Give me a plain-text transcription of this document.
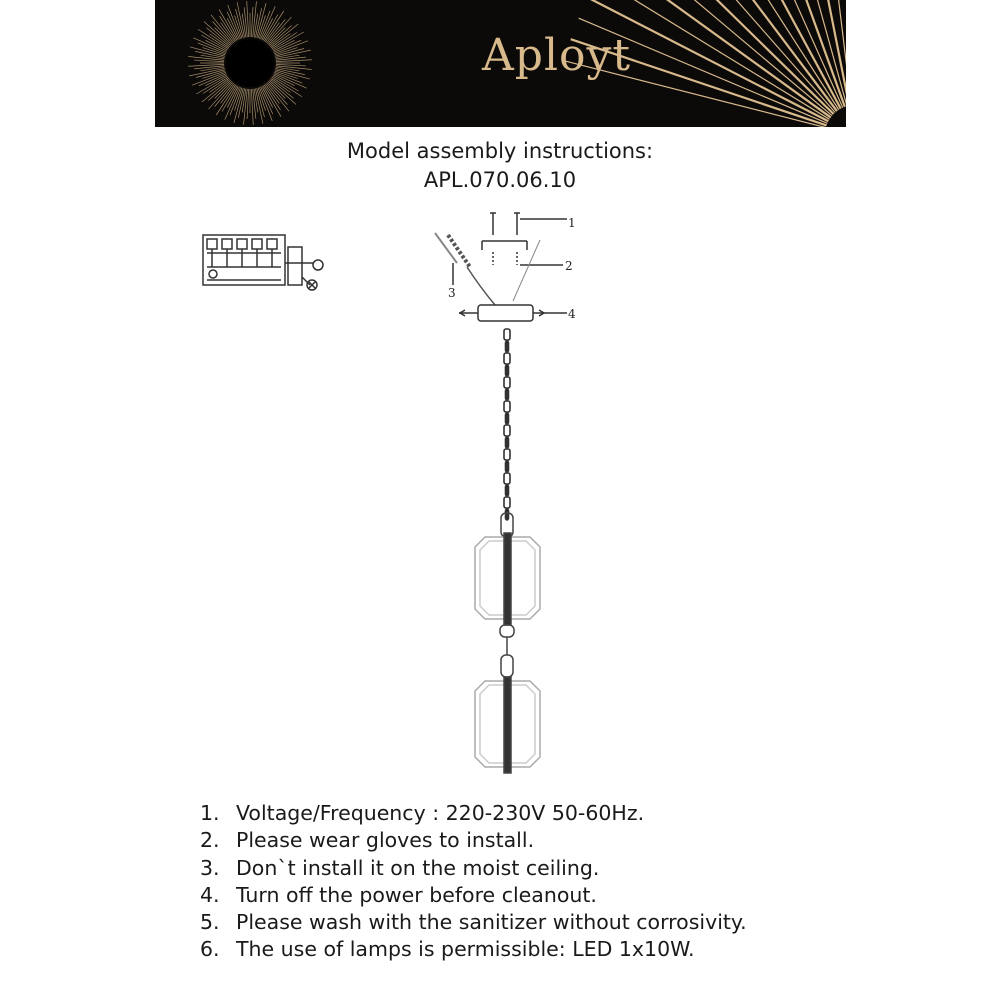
Aployt
Model assembly instructions:
APL.070.06.10
1
2
3
4
1. Voltage/Frequency : 220-230V 50-60Hz.
2. Please wear gloves to install.
3. Don`t install it on the moist ceiling.
4. Turn off the power before cleanout.
5. Please wash with the sanitizer without corrosivity.
6. The use of lamps is permissible: LED 1x10W.
